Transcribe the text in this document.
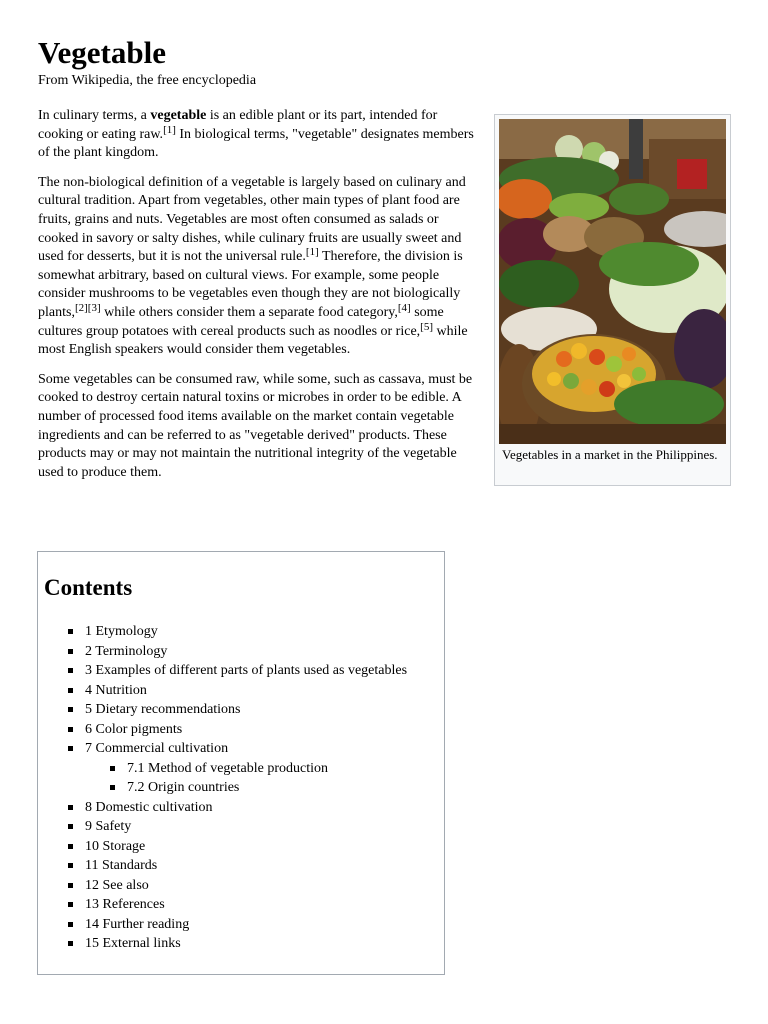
Vegetable
From Wikipedia, the free encyclopedia

In culinary terms, a vegetable is an edible plant or its part, intended for cooking or eating raw.[1] In biological terms, "vegetable" designates members of the plant kingdom.

The non-biological definition of a vegetable is largely based on culinary and cultural tradition. Apart from vegetables, other main types of plant food are fruits, grains and nuts. Vegetables are most often consumed as salads or cooked in savory or salty dishes, while culinary fruits are usually sweet and used for desserts, but it is not the universal rule.[1] Therefore, the division is somewhat arbitrary, based on cultural views. For example, some people consider mushrooms to be vegetables even though they are not biologically plants,[2][3] while others consider them a separate food category,[4] some cultures group potatoes with cereal products such as noodles or rice,[5] while most English speakers would consider them vegetables.

Some vegetables can be consumed raw, while some, such as cassava, must be cooked to destroy certain natural toxins or microbes in order to be edible. A number of processed food items available on the market contain vegetable ingredients and can be referred to as "vegetable derived" products. These products may or may not maintain the nutritional integrity of the vegetable used to produce them.

Vegetables in a market in the Philippines.
Contents
1 Etymology
2 Terminology
3 Examples of different parts of plants used as vegetables
4 Nutrition
5 Dietary recommendations
6 Color pigments
7 Commercial cultivation
7.1 Method of vegetable production
7.2 Origin countries
8 Domestic cultivation
9 Safety
10 Storage
11 Standards
12 See also
13 References
14 Further reading
15 External links
